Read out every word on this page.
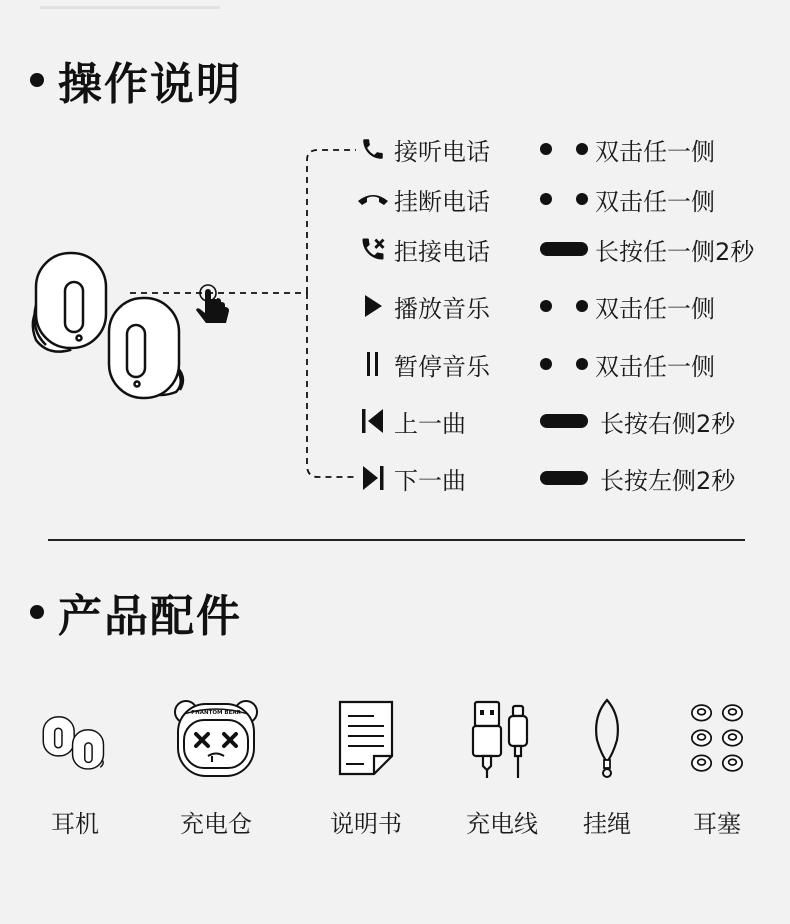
操作说明
接听电话	双击任一侧
挂断电话	双击任一侧
拒接电话	长按任一侧2秒
播放音乐	双击任一侧
暂停音乐	双击任一侧
上一曲	长按右侧2秒
下一曲	长按左侧2秒
产品配件
耳机
PHANTOM BEAR
充电仓	说明书	充电线 挂绳	耳塞
